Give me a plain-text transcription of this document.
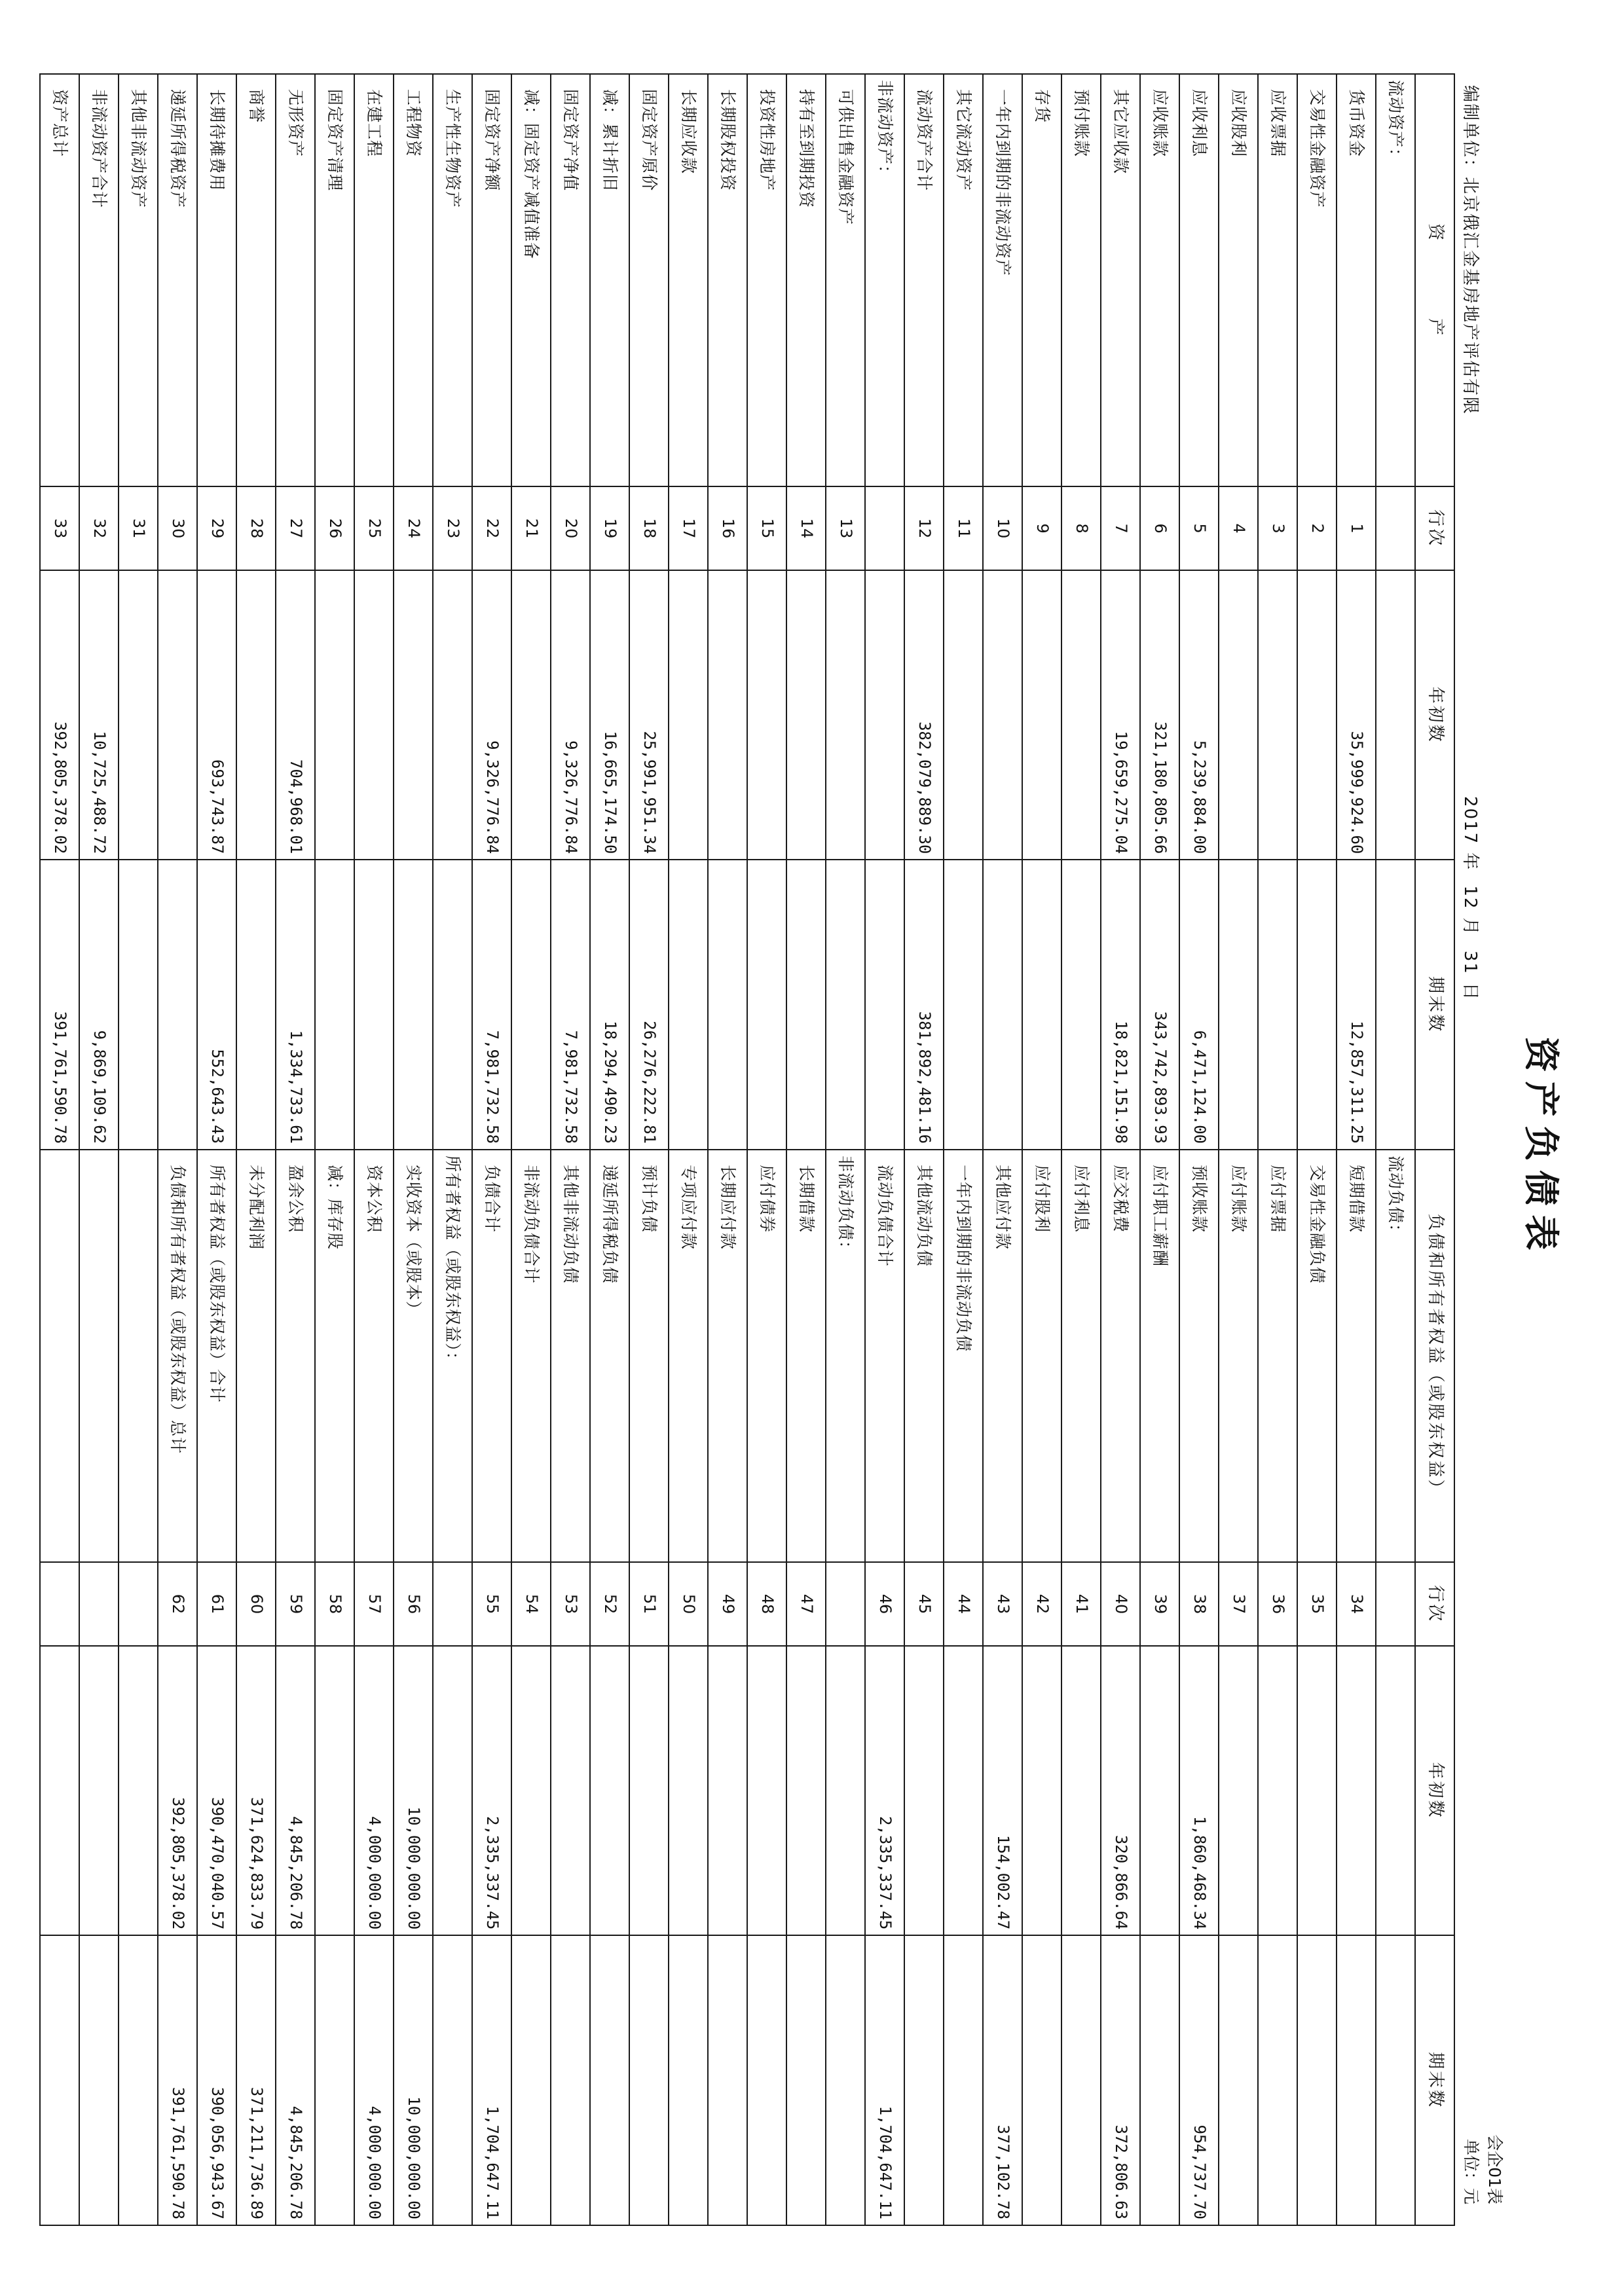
资产负债表
编制单位：北京俄汇金基房地产评估有限
2017年 12月 31日
会企01表
单位：元
资　　　　产	行次	年初数	期末数	负债和所有者权益（或股东权益）	行次	年初数	期末数
流动资产：				流动负债：			
货币资金	1	35,999,924.60	12,857,311.25	短期借款	34		
交易性金融资产	2			交易性金融负债	35		
应收票据	3			应付票据	36		
应收股利	4			应付账款	37		
应收利息	5	5,239,884.00	6,471,124.00	预收账款	38	1,860,468.34	954,737.70
应收账款	6	321,180,805.66	343,742,893.93	应付职工薪酬	39		
其它应收款	7	19,659,275.04	18,821,151.98	应交税费	40	320,866.64	372,806.63
预付账款	8			应付利息	41		
存货	9			应付股利	42		
一年内到期的非流动资产	10			其他应付款	43	154,002.47	377,102.78
其它流动资产	11			一年内到期的非流动负债	44		
流动资产合计	12	382,079,889.30	381,892,481.16	其他流动负债	45		
非流动资产：				流动负债合计	46	2,335,337.45	1,704,647.11
可供出售金融资产	13			非流动负债：			
持有至到期投资	14			长期借款	47		
投资性房地产	15			应付债券	48		
长期股权投资	16			长期应付款	49		
长期应收款	17			专项应付款	50		
固定资产原价	18	25,991,951.34	26,276,222.81	预计负债	51		
减：累计折旧	19	16,665,174.50	18,294,490.23	递延所得税负债	52		
固定资产净值	20	9,326,776.84	7,981,732.58	其他非流动负债	53		
减：固定资产减值准备	21			非流动负债合计	54		
固定资产净额	22	9,326,776.84	7,981,732.58	负债合计	55	2,335,337.45	1,704,647.11
生产性生物资产	23			所有者权益（或股东权益）：			
工程物资	24			实收资本（或股本）	56	10,000,000.00	10,000,000.00
在建工程	25			资本公积	57	4,000,000.00	4,000,000.00
固定资产清理	26			减：库存股	58		
无形资产	27	704,968.01	1,334,733.61	盈余公积	59	4,845,206.78	4,845,206.78
商誉	28			未分配利润	60	371,624,833.79	371,211,736.89
长期待摊费用	29	693,743.87	552,643.43	所有者权益（或股东权益）合计	61	390,470,040.57	390,056,943.67
递延所得税资产	30			负债和所有者权益（或股东权益）总计	62	392,805,378.02	391,761,590.78
其他非流动资产	31						
非流动资产合计	32	10,725,488.72	9,869,109.62				
资产总计	33	392,805,378.02	391,761,590.78				
